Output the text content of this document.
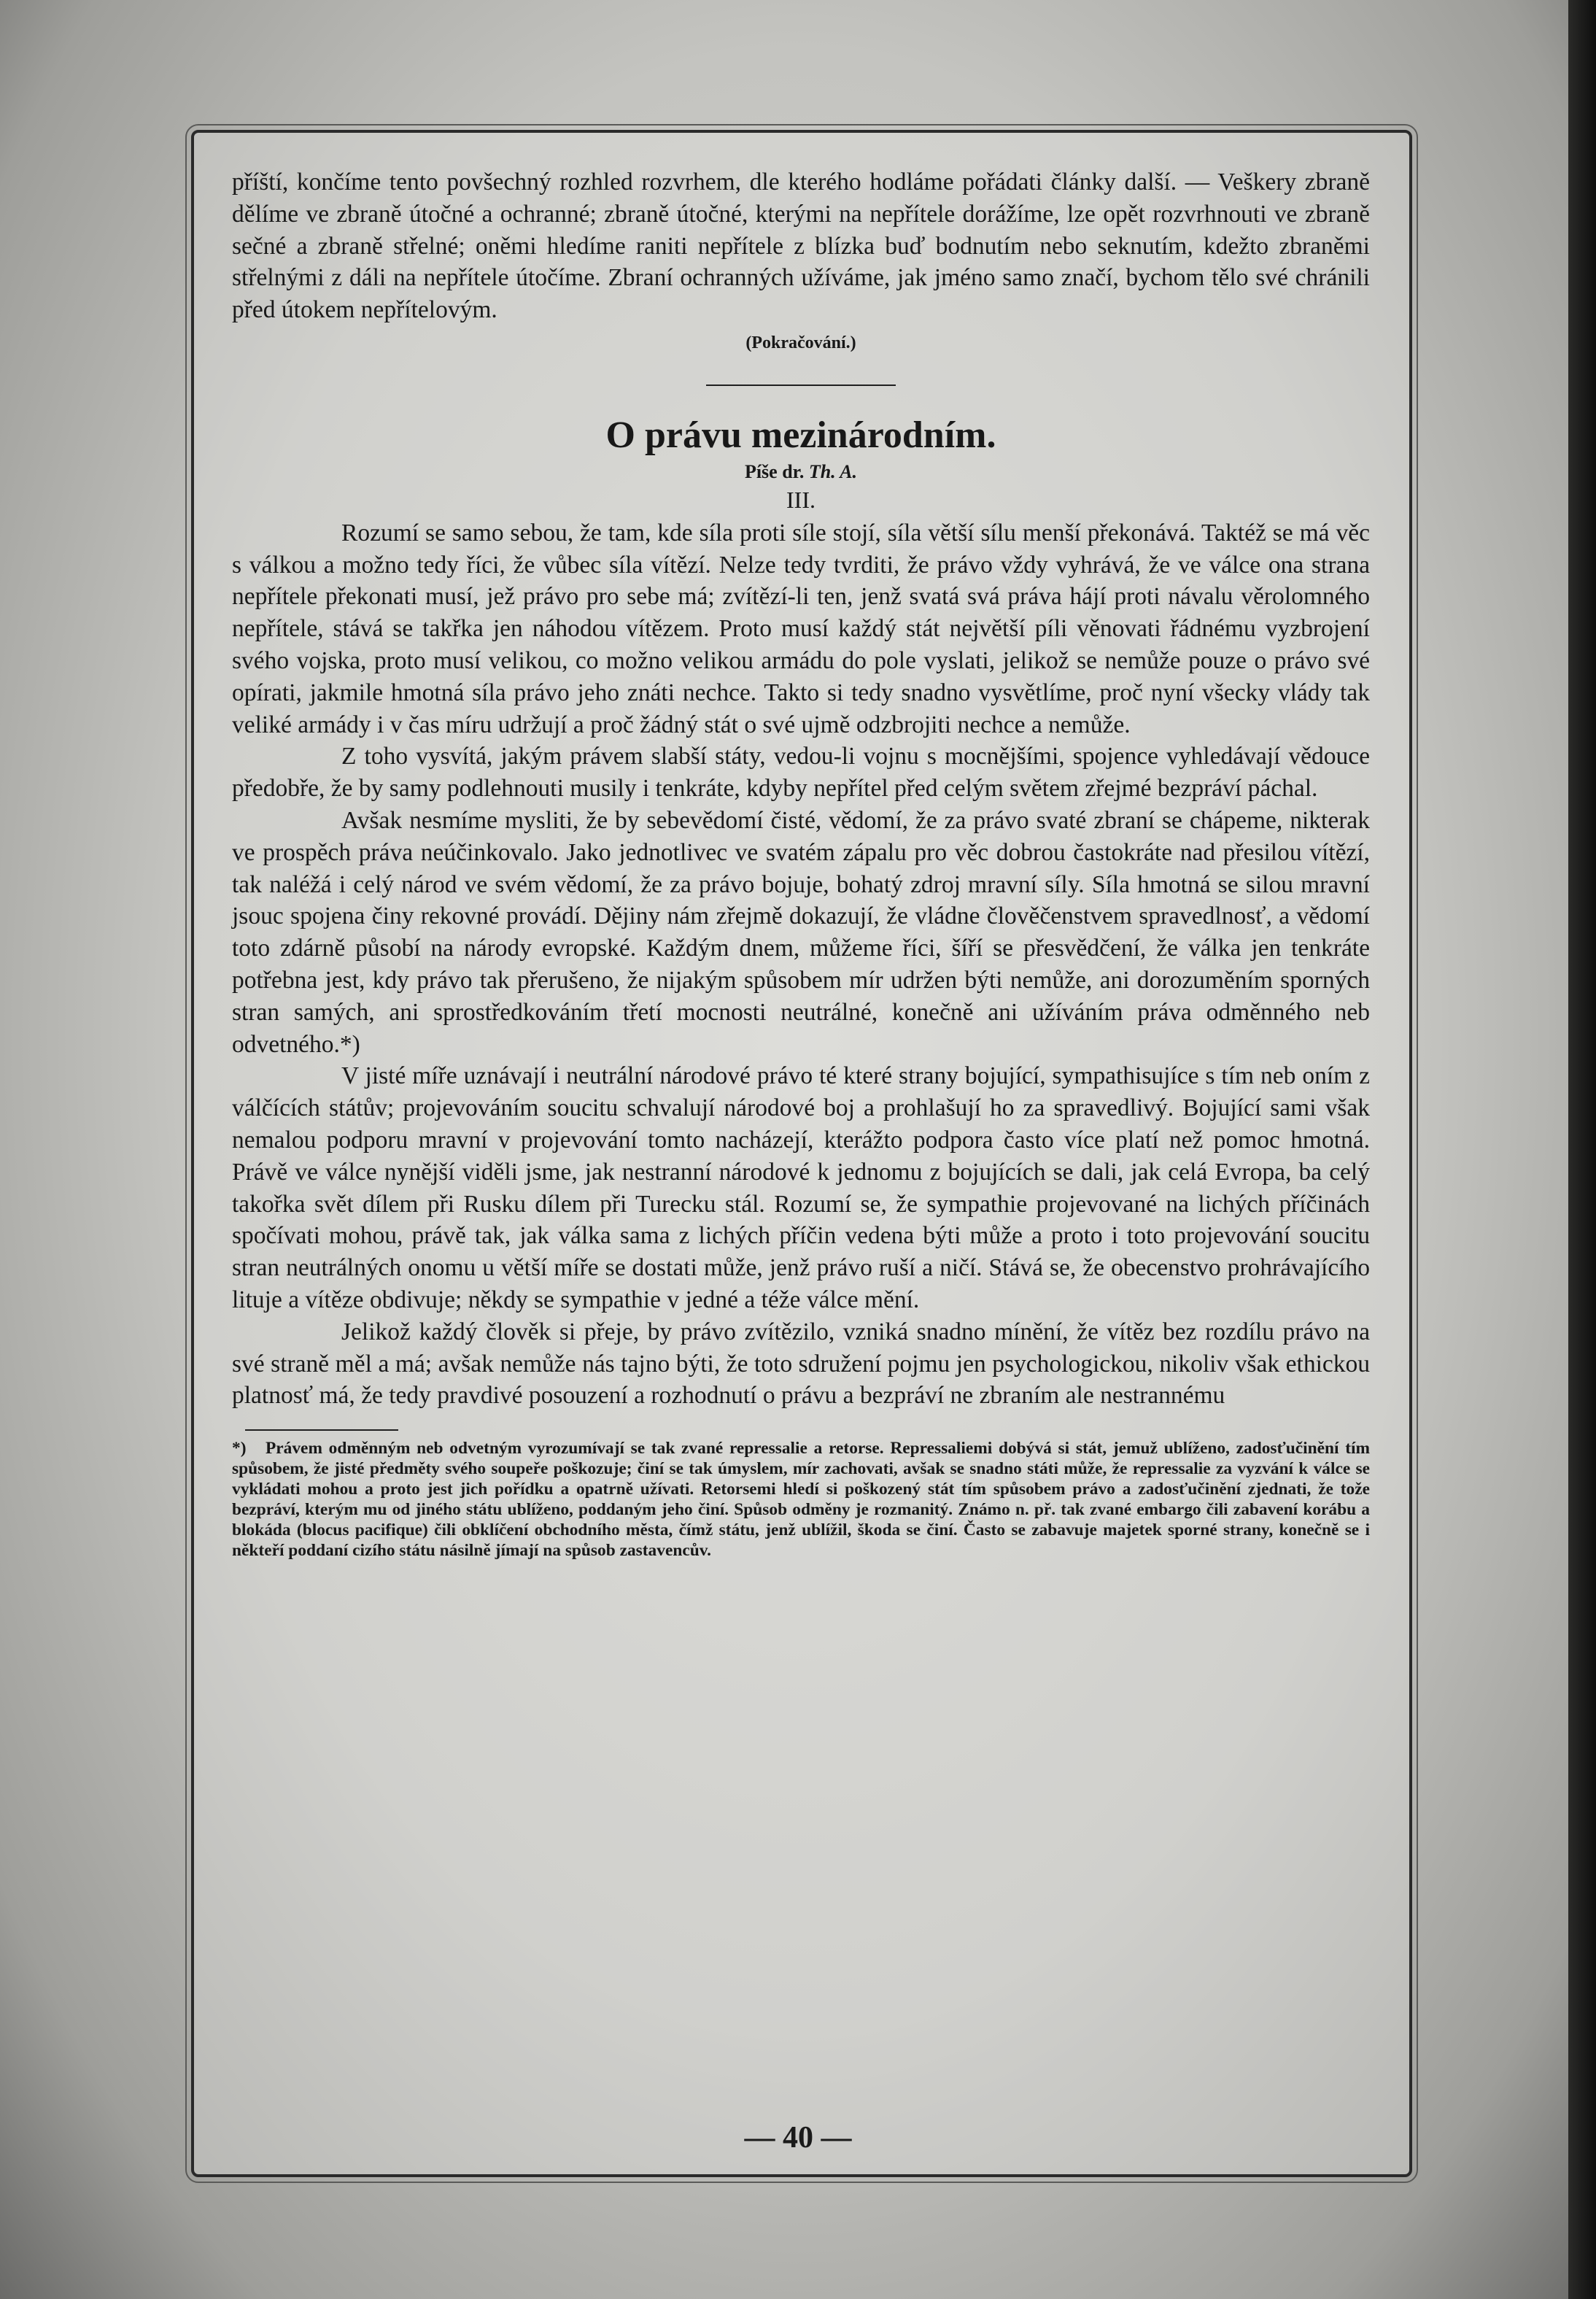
příští, končíme tento povšechný rozhled rozvrhem, dle kterého hodláme pořádati články další. — Veškery zbraně dělíme ve zbraně útočné a ochranné; zbraně útočné, kterými na nepřítele dorážíme, lze opět rozvrhnouti ve zbraně sečné a zbraně střelné; oněmi hledíme raniti nepřítele z blízka buď bodnutím nebo seknutím, kdežto zbraněmi střelnými z dáli na nepřítele útočíme. Zbraní ochranných užíváme, jak jméno samo značí, bychom tělo své chránili před útokem nepřítelovým.

(Pokračování.)
O právu mezinárodním.
Píše dr. Th. A.
III.

Rozumí se samo sebou, že tam, kde síla proti síle stojí, síla větší sílu menší překonává. Taktéž se má věc s válkou a možno tedy říci, že vůbec síla vítězí. Nelze tedy tvrditi, že právo vždy vyhrává, že ve válce ona strana nepřítele překonati musí, jež právo pro sebe má; zvítězí-li ten, jenž svatá svá práva hájí proti návalu věrolomného nepřítele, stává se takřka jen náhodou vítězem. Proto musí každý stát největší píli věnovati řádnému vyzbrojení svého vojska, proto musí velikou, co možno velikou armádu do pole vyslati, jelikož se nemůže pouze o právo své opírati, jakmile hmotná síla právo jeho znáti nechce. Takto si tedy snadno vysvětlíme, proč nyní všecky vlády tak veliké armády i v čas míru udržují a proč žádný stát o své ujmě odzbrojiti nechce a nemůže.

Z toho vysvítá, jakým právem slabší státy, vedou-li vojnu s mocnějšími, spojence vyhledávají vědouce předobře, že by samy podlehnouti musily i tenkráte, kdyby nepřítel před celým světem zřejmé bezpráví páchal.

Avšak nesmíme mysliti, že by sebevědomí čisté, vědomí, že za právo svaté zbraní se chápeme, nikterak ve prospěch práva neúčinkovalo. Jako jednotlivec ve svatém zápalu pro věc dobrou častokráte nad přesilou vítězí, tak naléžá i celý národ ve svém vědomí, že za právo bojuje, bohatý zdroj mravní síly. Síla hmotná se silou mravní jsouc spojena činy rekovné provádí. Dějiny nám zřejmě dokazují, že vládne člověčenstvem spravedlnosť, a vědomí toto zdárně působí na národy evropské. Každým dnem, můžeme říci, šíří se přesvědčení, že válka jen tenkráte potřebna jest, kdy právo tak přerušeno, že nijakým spůsobem mír udržen býti nemůže, ani dorozuměním sporných stran samých, ani sprostředkováním třetí mocnosti neutrálné, konečně ani užíváním práva odměnného neb odvetného.*)

V jisté míře uznávají i neutrální národové právo té které strany bojující, sympathisujíce s tím neb oním z válčících státův; projevováním soucitu schvalují národové boj a prohlašují ho za spravedlivý. Bojující sami však nemalou podporu mravní v projevování tomto nacházejí, kterážto podpora často více platí než pomoc hmotná. Právě ve válce nynější viděli jsme, jak nestranní národové k jednomu z bojujících se dali, jak celá Evropa, ba celý takořka svět dílem při Rusku dílem při Turecku stál. Rozumí se, že sympathie projevované na lichých příčinách spočívati mohou, právě tak, jak válka sama z lichých příčin vedena býti může a proto i toto projevování soucitu stran neutrálných onomu u větší míře se dostati může, jenž právo ruší a ničí. Stává se, že obecenstvo prohrávajícího lituje a vítěze obdivuje; někdy se sympathie v jedné a téže válce mění.

Jelikož každý člověk si přeje, by právo zvítězilo, vzniká snadno mínění, že vítěz bez rozdílu právo na své straně měl a má; avšak nemůže nás tajno býti, že toto sdružení pojmu jen psychologickou, nikoliv však ethickou platnosť má, že tedy pravdivé posouzení a rozhodnutí o právu a bezpráví ne zbraním ale nestrannému

*) Právem odměnným neb odvetným vyrozumívají se tak zvané repressalie a retorse. Repressaliemi dobývá si stát, jemuž ublíženo, zadosťučinění tím spůsobem, že jisté předměty svého soupeře poškozuje; činí se tak úmyslem, mír zachovati, avšak se snadno státi může, že repressalie za vyzvání k válce se vykládati mohou a proto jest jich pořídku a opatrně užívati. Retorsemi hledí si poškozený stát tím spůsobem právo a zadosťučinění zjednati, že tože bezpráví, kterým mu od jiného státu ublíženo, poddaným jeho činí. Spůsob odměny je rozmanitý. Známo n. př. tak zvané embargo čili zabavení korábu a blokáda (blocus pacifique) čili obklíčení obchodního města, čímž státu, jenž ublížil, škoda se činí. Často se zabavuje majetek sporné strany, konečně se i někteří poddaní cizího státu násilně jímají na spůsob zastavencův.
— 40 —
